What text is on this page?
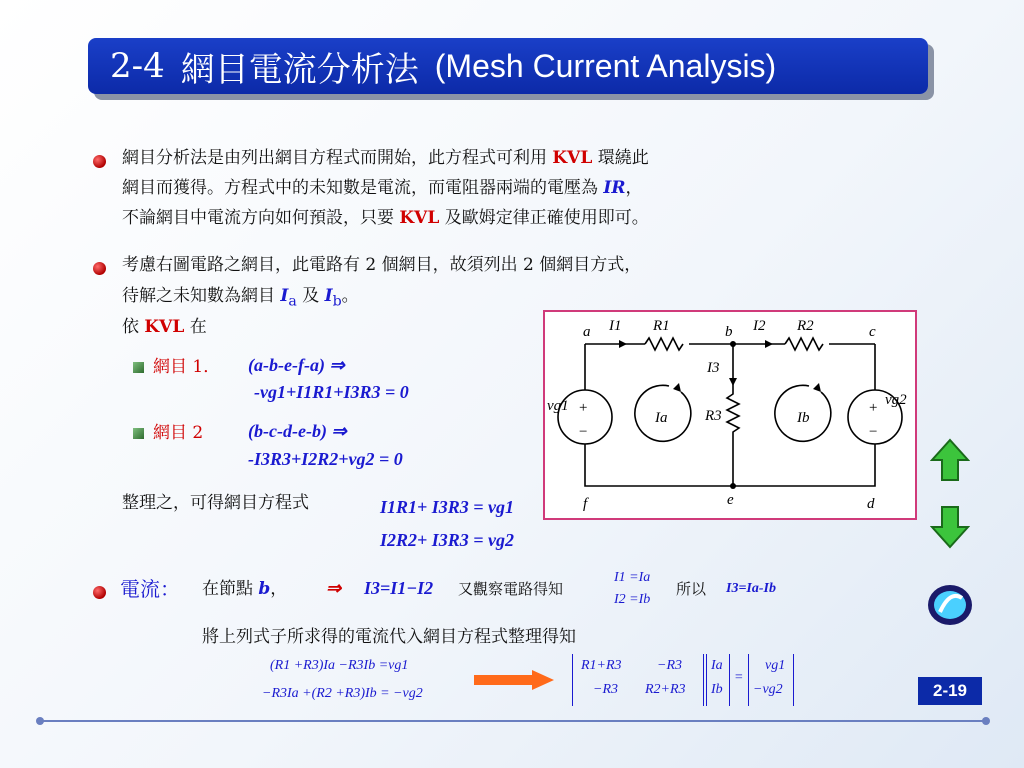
2-4 網目電流分析法 (Mesh Current Analysis)
網目分析法是由列出網目方程式而開始，此方程式可利用 KVL 環繞此
網目而獲得。方程式中的未知數是電流，而電阻器兩端的電壓為 IR，
不論網目中電流方向如何預設，只要 KVL 及歐姆定律正確使用即可。
考慮右圖電路之網目，此電路有 2 個網目，故須列出 2 個網目方式，
待解之未知數為網目 $I_a$ 及 $I_b$。
依 KVL 在
網目 1． (a-b-e-f-a) ⇒
-vg1+I1R1+I3R3 = 0
網目 2 (b-c-d-e-b) ⇒
-I3R3+I2R2+vg2 = 0
整理之，可得網目方程式	I1R1+ I3R3 = vg1
I2R2+ I3R3 = vg2
a	b	c
d
e
f
I1	I2
I3
R1	R2
R3
vg1	vg2
Ia	Ib
+
−
+
−
電流： 在節點 b， ⇒ I3=I1−I2 又觀察電路得知
I1 =Ia
I2 =Ib
所以 I3=Ia-Ib
將上列式子所求得的電流代入網目方程式整理得知
(R1 +R3)Ia −R3Ib =vg1
−R3Ia +(R2 +R3)Ib = −vg2
R1+R3	−R3
−R3 R2+R3
Ia
Ib
=
vg1
−vg2	2-19
